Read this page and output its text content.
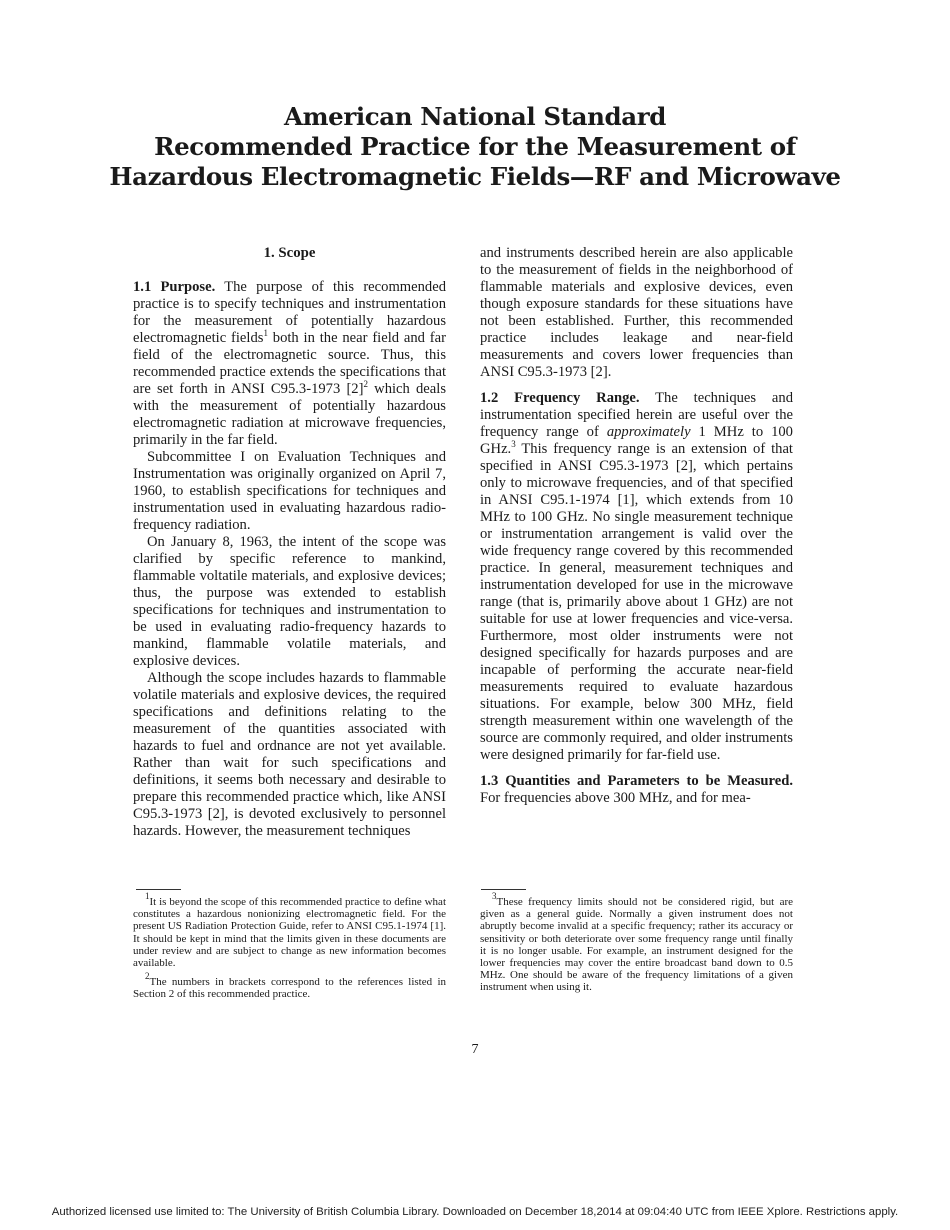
American National Standard
Recommended Practice for the Measurement of
Hazardous Electromagnetic Fields—RF and Microwave
1. Scope

1.1 Purpose. The purpose of this recommended practice is to specify techniques and instrumentation for the measurement of potentially hazardous electromagnetic fields$^1$ both in the near field and far field of the electromagnetic source. Thus, this recommended practice extends the specifications that are set forth in ANSI C95.3-1973 [2]$^2$ which deals with the measurement of potentially hazardous electromagnetic radiation at microwave frequencies, primarily in the far field.

Subcommittee I on Evaluation Techniques and Instrumentation was originally organized on April 7, 1960, to establish specifications for techniques and instrumentation used in evaluating hazardous radio-frequency radiation.

On January 8, 1963, the intent of the scope was clarified by specific reference to mankind, flammable voltatile materials, and explosive devices; thus, the purpose was extended to establish specifications for techniques and instrumentation to be used in evaluating radio-frequency hazards to mankind, flammable volatile materials, and explosive devices.

Although the scope includes hazards to flammable volatile materials and explosive devices, the required specifications and definitions relating to the measurement of the quantities associated with hazards to fuel and ordnance are not yet available. Rather than wait for such specifications and definitions, it seems both necessary and desirable to prepare this recommended practice which, like ANSI C95.3-1973 [2], is devoted exclusively to personnel hazards. However, the measurement techniques

and instruments described herein are also applicable to the measurement of fields in the neighborhood of flammable materials and explosive devices, even though exposure standards for these situations have not been established. Further, this recommended practice includes leakage and near-field measurements and covers lower frequencies than ANSI C95.3-1973 [2].

1.2 Frequency Range. The techniques and instrumentation specified herein are useful over the frequency range of approximately 1 MHz to 100 GHz.$^3$ This frequency range is an extension of that specified in ANSI C95.3-1973 [2], which pertains only to microwave frequencies, and of that specified in ANSI C95.1-1974 [1], which extends from 10 MHz to 100 GHz. No single measurement technique or instrumentation arrangement is valid over the wide frequency range covered by this recommended practice. In general, measurement techniques and instrumentation developed for use in the microwave range (that is, primarily above about 1 GHz) are not suitable for use at lower frequencies and vice-versa. Furthermore, most older instruments were not designed specifically for hazards purposes and are incapable of performing the accurate near-field measurements required to evaluate hazardous situations. For example, below 300 MHz, field strength measurement within one wavelength of the source are commonly required, and older instruments were designed primarily for far-field use.

1.3 Quantities and Parameters to be Measured. For frequencies above 300 MHz, and for mea-

$^1$It is beyond the scope of this recommended practice to define what constitutes a hazardous nonionizing electromagnetic field. For the present US Radiation Protection Guide, refer to ANSI C95.1-1974 [1]. It should be kept in mind that the limits given in these documents are under review and are subject to change as new information becomes available.

$^2$The numbers in brackets correspond to the references listed in Section 2 of this recommended practice.

$^3$These frequency limits should not be considered rigid, but are given as a general guide. Normally a given instrument does not abruptly become invalid at a specific frequency; rather its accuracy or sensitivity or both deteriorate over some frequency range until finally it is no longer usable. For example, an instrument designed for the lower frequencies may cover the entire broadcast band down to 0.5 MHz. One should be aware of the frequency limitations of a given instrument when using it.

7
Authorized licensed use limited to: The University of British Columbia Library. Downloaded on December 18,2014 at 09:04:40 UTC from IEEE Xplore. Restrictions apply.
